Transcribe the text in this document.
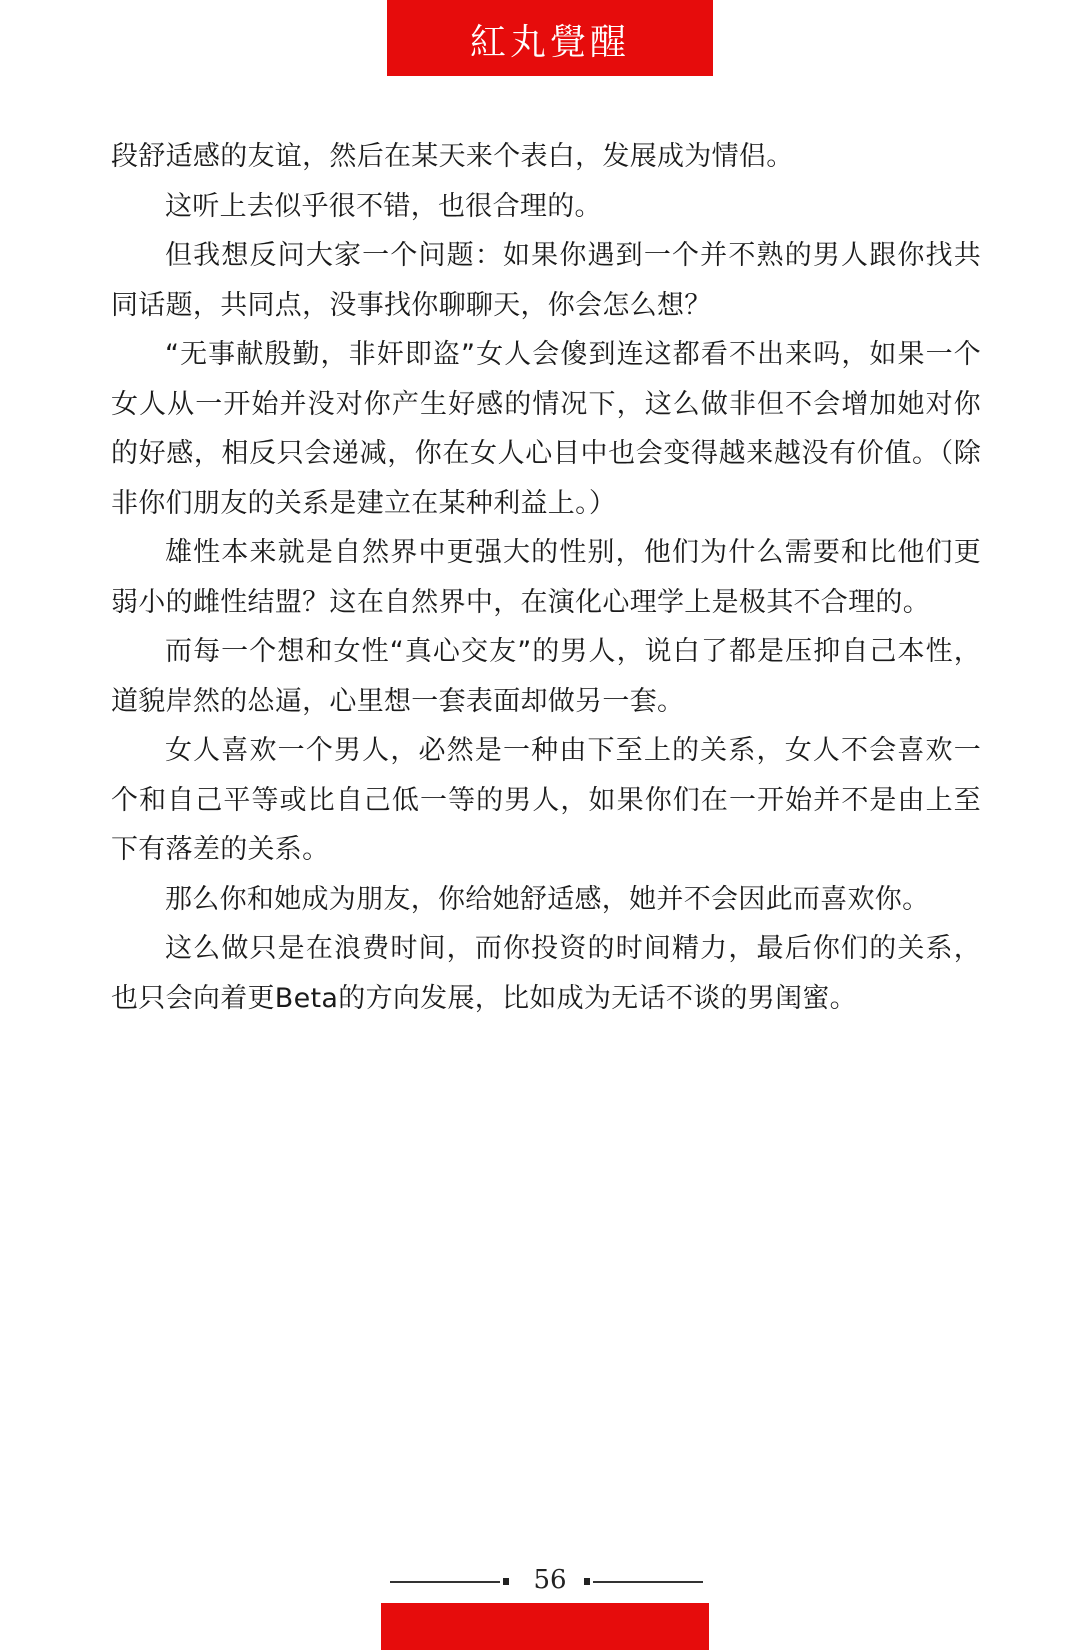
紅丸覺醒

段舒适感的友谊，然后在某天来个表白，发展成为情侣。

这听上去似乎很不错，也很合理的。

但我想反问大家一个问题：如果你遇到一个并不熟的男人跟你找共同话题，共同点，没事找你聊聊天，你会怎么想？

“无事献殷勤，非奸即盗”女人会傻到连这都看不出来吗，如果一个女人从一开始并没对你产生好感的情况下，这么做非但不会增加她对你的好感，相反只会递减，你在女人心目中也会变得越来越没有价值。（除非你们朋友的关系是建立在某种利益上。）

雄性本来就是自然界中更强大的性别，他们为什么需要和比他们更弱小的雌性结盟？这在自然界中，在演化心理学上是极其不合理的。

而每一个想和女性“真心交友”的男人，说白了都是压抑自己本性，道貌岸然的怂逼，心里想一套表面却做另一套。

女人喜欢一个男人，必然是一种由下至上的关系，女人不会喜欢一个和自己平等或比自己低一等的男人，如果你们在一开始并不是由上至下有落差的关系。

那么你和她成为朋友，你给她舒适感，她并不会因此而喜欢你。

这么做只是在浪费时间，而你投资的时间精力，最后你们的关系，也只会向着更Beta的方向发展，比如成为无话不谈的男闺蜜。

56
